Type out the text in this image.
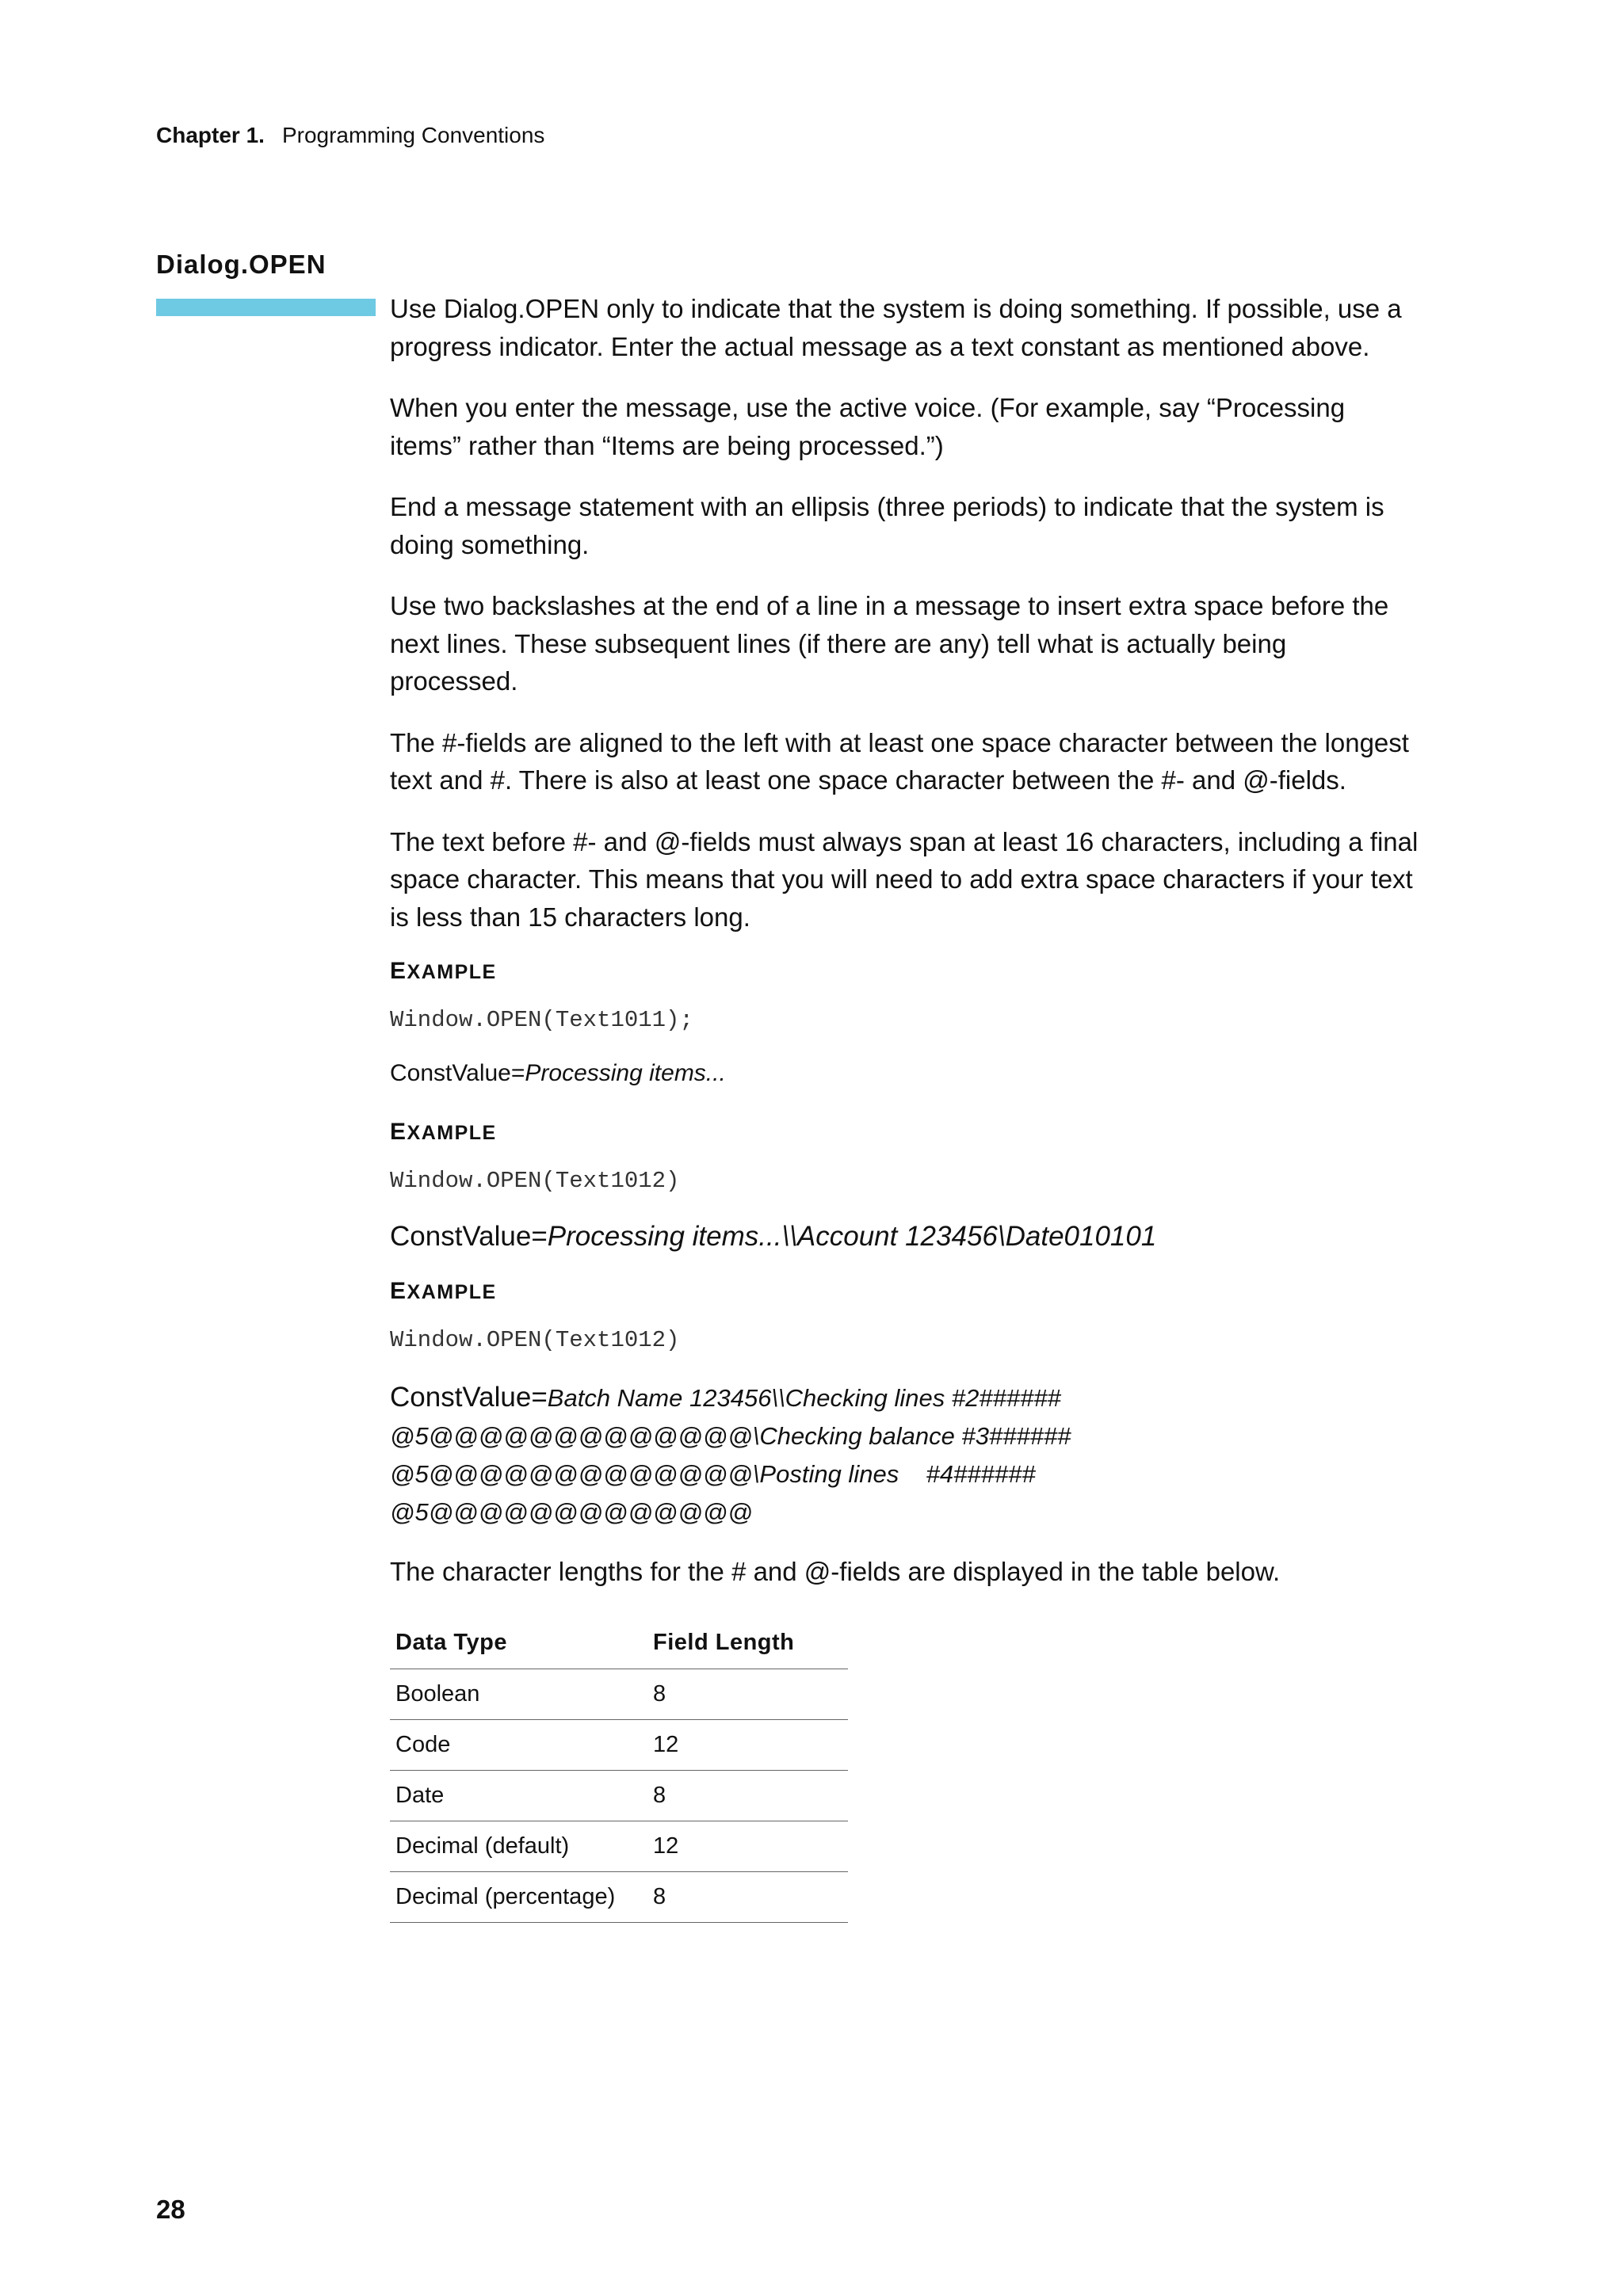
Chapter 1. Programming Conventions
Dialog.OPEN

Use Dialog.OPEN only to indicate that the system is doing something. If possible, use a progress indicator. Enter the actual message as a text constant as mentioned above.

When you enter the message, use the active voice. (For example, say “Processing items” rather than “Items are being processed.”)

End a message statement with an ellipsis (three periods) to indicate that the system is doing something.

Use two backslashes at the end of a line in a message to insert extra space before the next lines. These subsequent lines (if there are any) tell what is actually being processed.

The #-fields are aligned to the left with at least one space character between the longest text and #. There is also at least one space character between the #- and @-fields.

The text before #- and @-fields must always span at least 16 characters, including a final space character. This means that you will need to add extra space characters if your text is less than 15 characters long.

EXAMPLE
Window.OPEN(Text1011);
ConstValue=Processing items...
EXAMPLE
Window.OPEN(Text1012)
ConstValue=Processing items...\\Account 123456\Date010101
EXAMPLE
Window.OPEN(Text1012)
ConstValue=Batch Name 123456\\Checking lines #2######
@5@@@@@@@@@@@@@\Checking balance #3######
@5@@@@@@@@@@@@@\Posting lines    #4######
@5@@@@@@@@@@@@@

The character lengths for the # and @-fields are displayed in the table below.

Data Type	Field Length
Boolean	8
Code	12
Date	8
Decimal (default)	12
Decimal (percentage)	8
28
